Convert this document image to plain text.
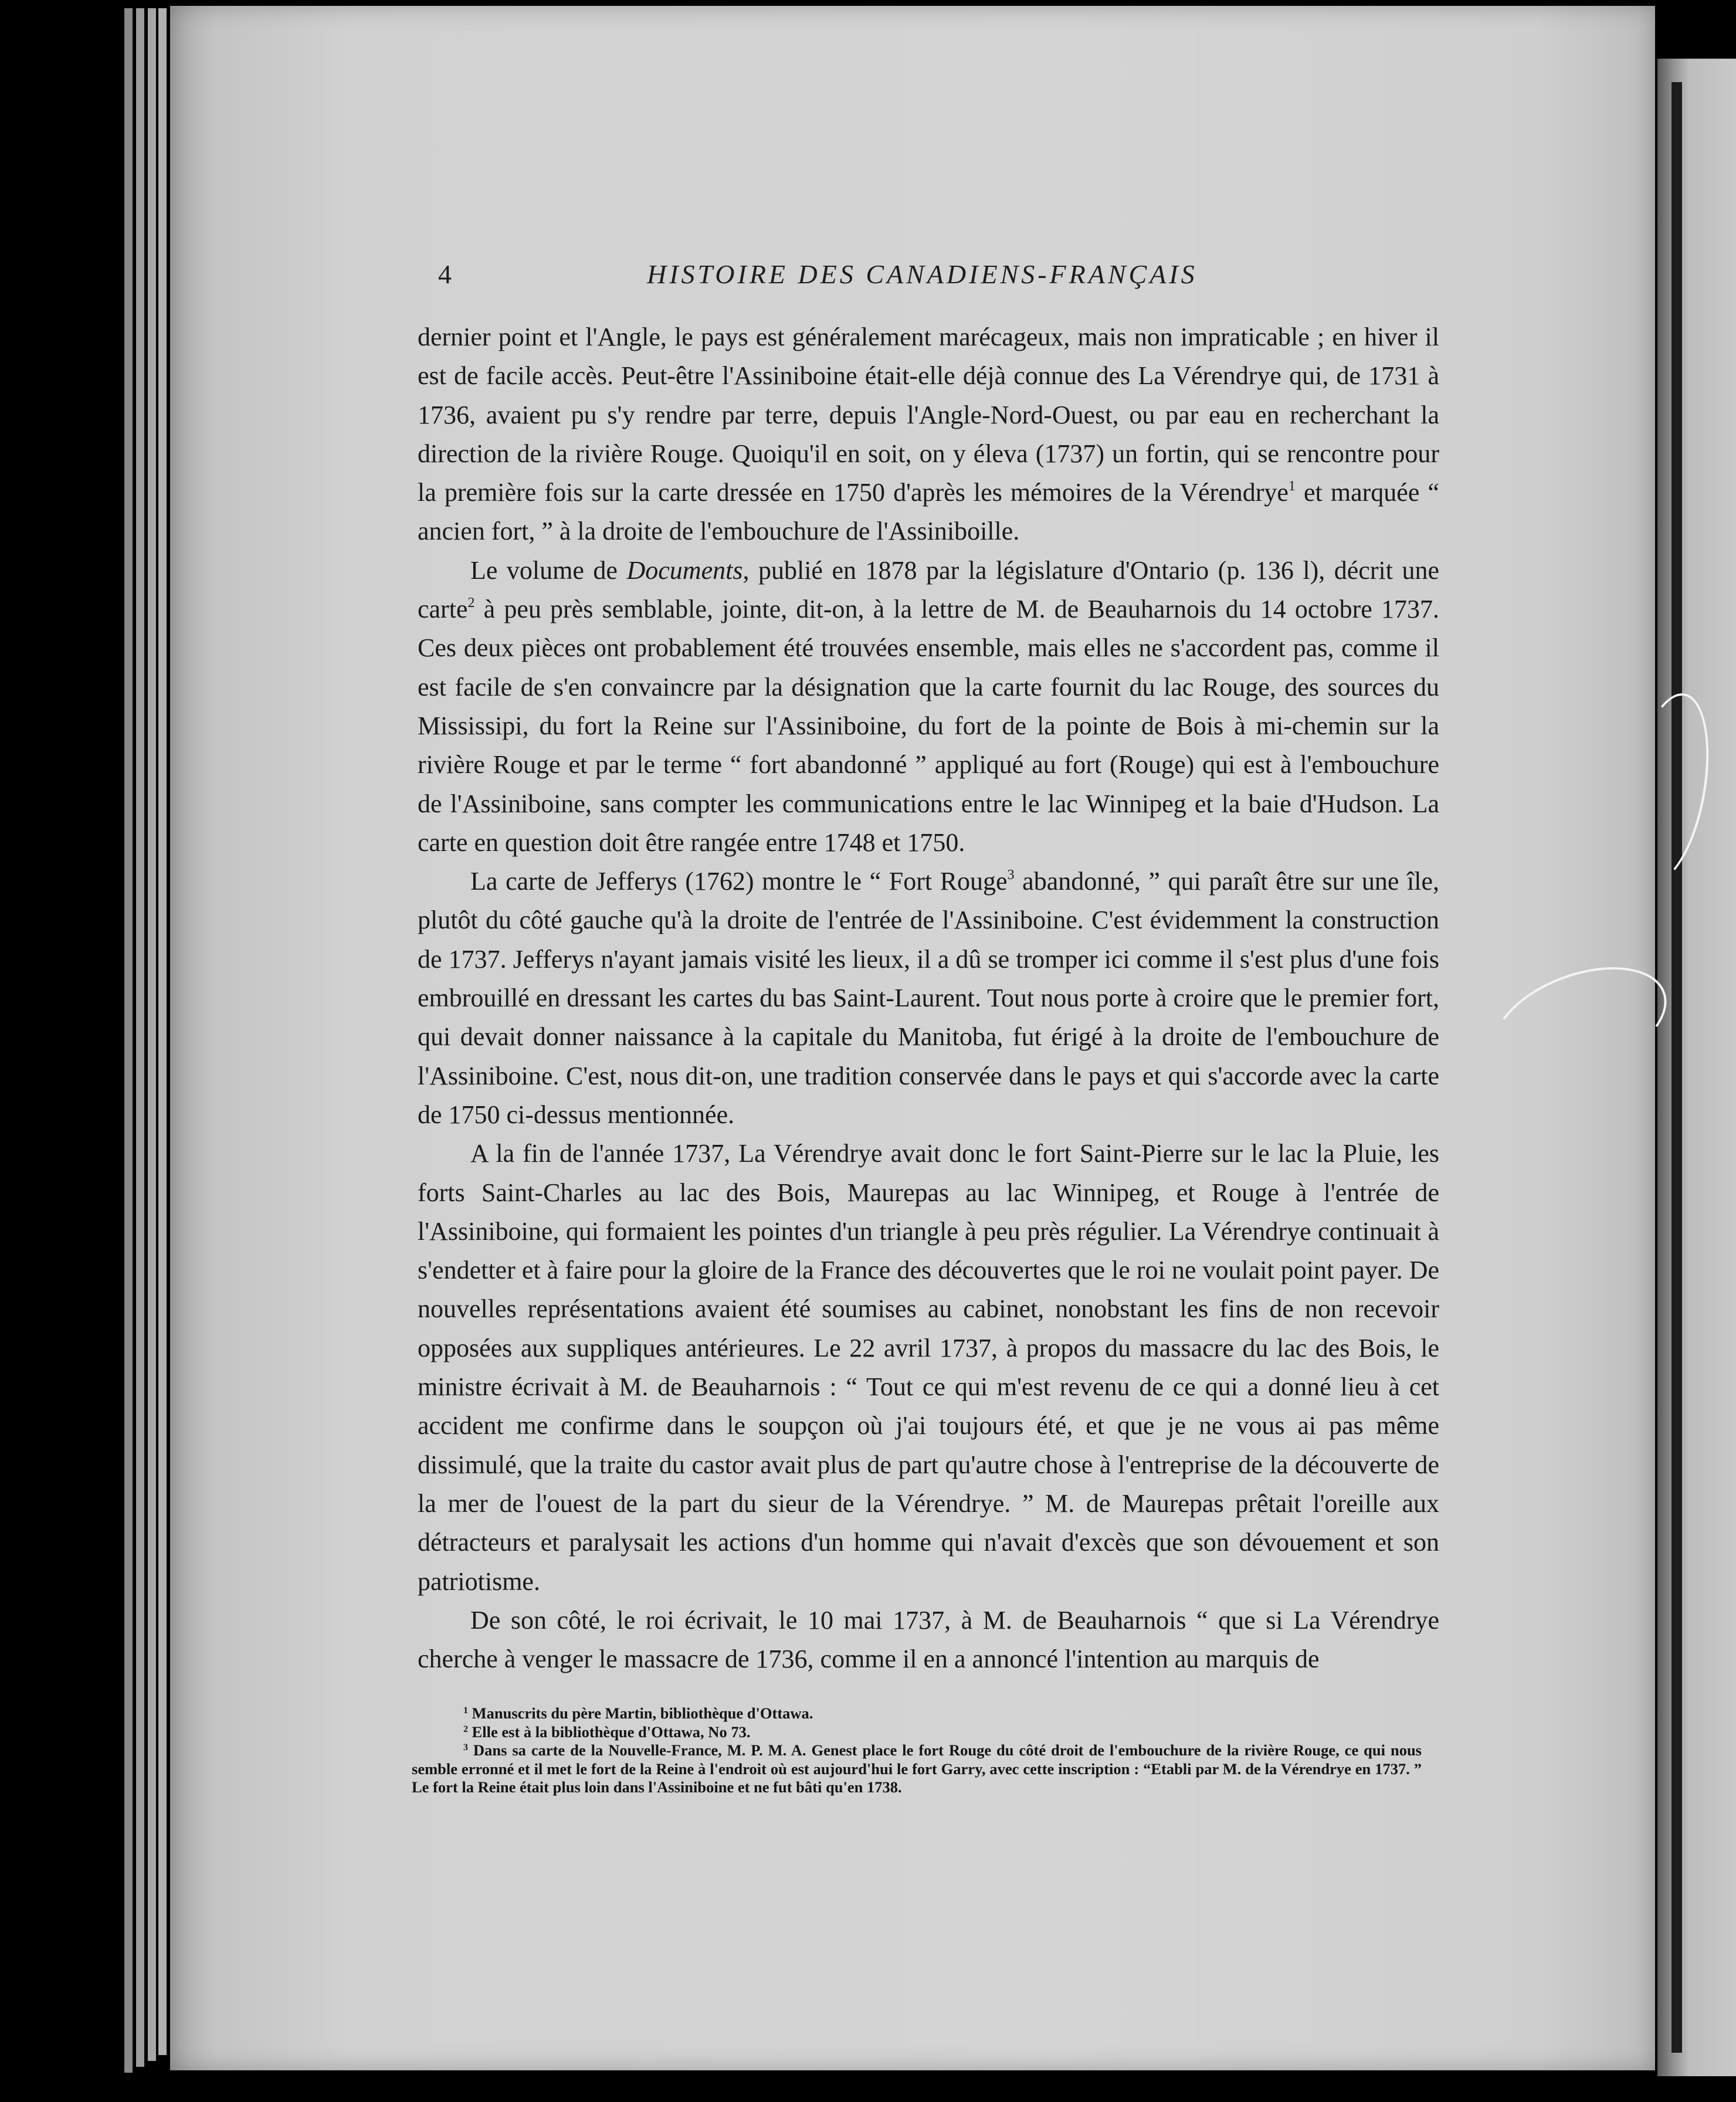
4	HISTOIRE DES CANADIENS-FRANÇAIS

dernier point et l'Angle, le pays est généralement marécageux, mais non impraticable ; en hiver il est de facile accès. Peut-être l'Assiniboine était-elle déjà connue des La Vérendrye qui, de 1731 à 1736, avaient pu s'y rendre par terre, depuis l'Angle-Nord-Ouest, ou par eau en recherchant la direction de la rivière Rouge. Quoiqu'il en soit, on y éleva (1737) un fortin, qui se rencontre pour la première fois sur la carte dressée en 1750 d'après les mémoires de la Vérendrye$^1$ et marquée “ ancien fort, ” à la droite de l'embouchure de l'Assiniboille.

Le volume de Documents, publié en 1878 par la législature d'Ontario (p. 136 l), décrit une carte$^2$ à peu près semblable, jointe, dit-on, à la lettre de M. de Beauharnois du 14 octobre 1737. Ces deux pièces ont probablement été trouvées ensemble, mais elles ne s'accordent pas, comme il est facile de s'en convaincre par la désignation que la carte fournit du lac Rouge, des sources du Mississipi, du fort la Reine sur l'Assiniboine, du fort de la pointe de Bois à mi-chemin sur la rivière Rouge et par le terme “ fort abandonné ” appliqué au fort (Rouge) qui est à l'embouchure de l'Assiniboine, sans compter les communications entre le lac Winnipeg et la baie d'Hudson. La carte en question doit être rangée entre 1748 et 1750.

La carte de Jefferys (1762) montre le “ Fort Rouge$^3$ abandonné, ” qui paraît être sur une île, plutôt du côté gauche qu'à la droite de l'entrée de l'Assiniboine. C'est évidemment la construction de 1737. Jefferys n'ayant jamais visité les lieux, il a dû se tromper ici comme il s'est plus d'une fois embrouillé en dressant les cartes du bas Saint-Laurent. Tout nous porte à croire que le premier fort, qui devait donner naissance à la capitale du Manitoba, fut érigé à la droite de l'embouchure de l'Assiniboine. C'est, nous dit-on, une tradition conservée dans le pays et qui s'accorde avec la carte de 1750 ci-dessus mentionnée.

A la fin de l'année 1737, La Vérendrye avait donc le fort Saint-Pierre sur le lac la Pluie, les forts Saint-Charles au lac des Bois, Maurepas au lac Winnipeg, et Rouge à l'entrée de l'Assiniboine, qui formaient les pointes d'un triangle à peu près régulier. La Vérendrye continuait à s'endetter et à faire pour la gloire de la France des découvertes que le roi ne voulait point payer. De nouvelles représentations avaient été soumises au cabinet, nonobstant les fins de non recevoir opposées aux suppliques antérieures. Le 22 avril 1737, à propos du massacre du lac des Bois, le ministre écrivait à M. de Beauharnois : “ Tout ce qui m'est revenu de ce qui a donné lieu à cet accident me confirme dans le soupçon où j'ai toujours été, et que je ne vous ai pas même dissimulé, que la traite du castor avait plus de part qu'autre chose à l'entreprise de la découverte de la mer de l'ouest de la part du sieur de la Vérendrye. ” M. de Maurepas prêtait l'oreille aux détracteurs et paralysait les actions d'un homme qui n'avait d'excès que son dévouement et son patriotisme.

De son côté, le roi écrivait, le 10 mai 1737, à M. de Beauharnois “ que si La Vérendrye cherche à venger le massacre de 1736, comme il en a annoncé l'intention au marquis de

$^1$ Manuscrits du père Martin, bibliothèque d'Ottawa.

$^2$ Elle est à la bibliothèque d'Ottawa, No 73.

$^3$ Dans sa carte de la Nouvelle-France, M. P. M. A. Genest place le fort Rouge du côté droit de l'embouchure de la rivière Rouge, ce qui nous semble erronné et il met le fort de la Reine à l'endroit où est aujourd'hui le fort Garry, avec cette inscription : “Etabli par M. de la Vérendrye en 1737. ” Le fort la Reine était plus loin dans l'Assiniboine et ne fut bâti qu'en 1738.
